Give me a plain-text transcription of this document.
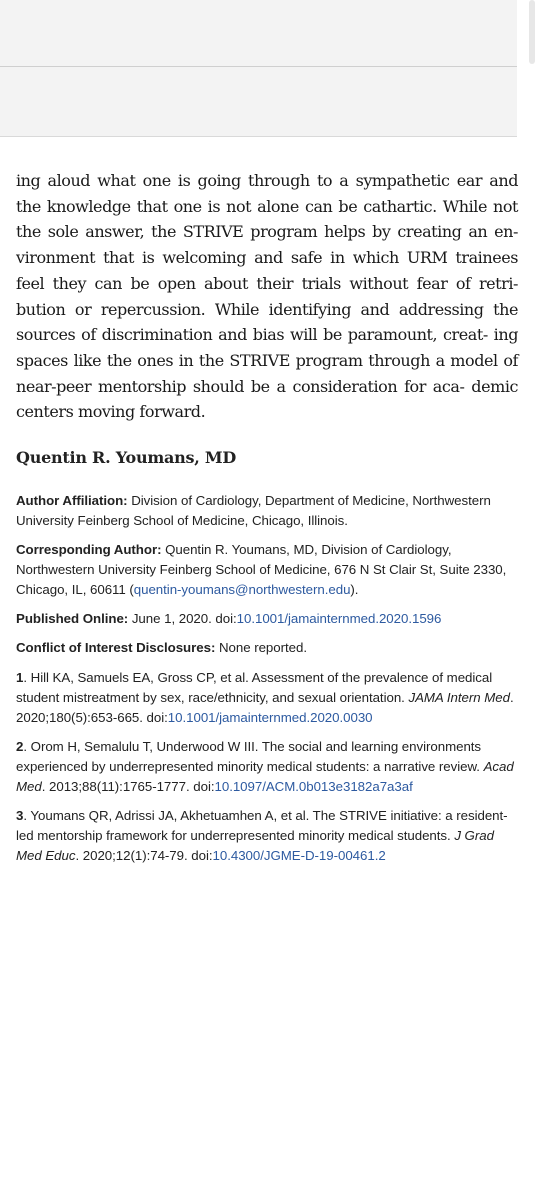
ing aloud what one is going through to a sympathetic ear and the knowledge that one is not alone can be cathartic. While not the sole answer, the STRIVE program helps by creating an en- vironment that is welcoming and safe in which URM trainees feel they can be open about their trials without fear of retri- bution or repercussion. While identifying and addressing the sources of discrimination and bias will be paramount, creat- ing spaces like the ones in the STRIVE program through a model of near-peer mentorship should be a consideration for aca- demic centers moving forward.

Quentin R. Youmans, MD

Author Affiliation: Division of Cardiology, Department of Medicine, Northwestern University Feinberg School of Medicine, Chicago, Illinois.

Corresponding Author: Quentin R. Youmans, MD, Division of Cardiology, Northwestern University Feinberg School of Medicine, 676 N St Clair St, Suite 2330, Chicago, IL, 60611 (quentin-youmans@northwestern.edu).

Published Online: June 1, 2020. doi:10.1001/jamainternmed.2020.1596

Conflict of Interest Disclosures: None reported.

1. Hill KA, Samuels EA, Gross CP, et al. Assessment of the prevalence of medical student mistreatment by sex, race/ethnicity, and sexual orientation. JAMA Intern Med. 2020;180(5):653-665. doi:10.1001/jamainternmed.2020.0030

2. Orom H, Semalulu T, Underwood W III. The social and learning environments experienced by underrepresented minority medical students: a narrative review. Acad Med. 2013;88(11):1765-1777. doi:10.1097/ACM.0b013e3182a7a3af

3. Youmans QR, Adrissi JA, Akhetuamhen A, et al. The STRIVE initiative: a resident-led mentorship framework for underrepresented minority medical students. J Grad Med Educ. 2020;12(1):74-79. doi:10.4300/JGME-D-19-00461.2
